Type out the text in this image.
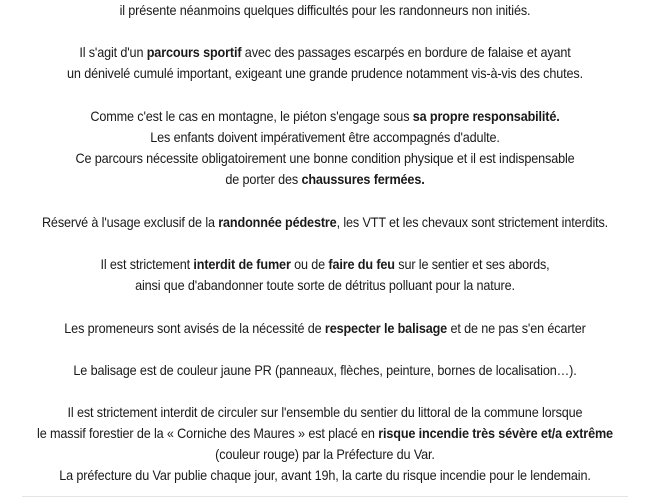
il présente néanmoins quelques difficultés pour les randonneurs non initiés.
Il s'agit d'un parcours sportif avec des passages escarpés en bordure de falaise et ayant
un dénivelé cumulé important, exigeant une grande prudence notamment vis-à-vis des chutes.
Comme c'est le cas en montagne, le piéton s'engage sous sa propre responsabilité.
Les enfants doivent impérativement être accompagnés d'adulte.
Ce parcours nécessite obligatoirement une bonne condition physique et il est indispensable
de porter des chaussures fermées.
Réservé à l'usage exclusif de la randonnée pédestre, les VTT et les chevaux sont strictement interdits.
Il est strictement interdit de fumer ou de faire du feu sur le sentier et ses abords,
ainsi que d'abandonner toute sorte de détritus polluant pour la nature.
Les promeneurs sont avisés de la nécessité de respecter le balisage et de ne pas s'en écarter
Le balisage est de couleur jaune PR (panneaux, flèches, peinture, bornes de localisation…).
Il est strictement interdit de circuler sur l'ensemble du sentier du littoral de la commune lorsque
le massif forestier de la « Corniche des Maures » est placé en risque incendie très sévère et/a extrême
(couleur rouge) par la Préfecture du Var.
La préfecture du Var publie chaque jour, avant 19h, la carte du risque incendie pour le lendemain.
